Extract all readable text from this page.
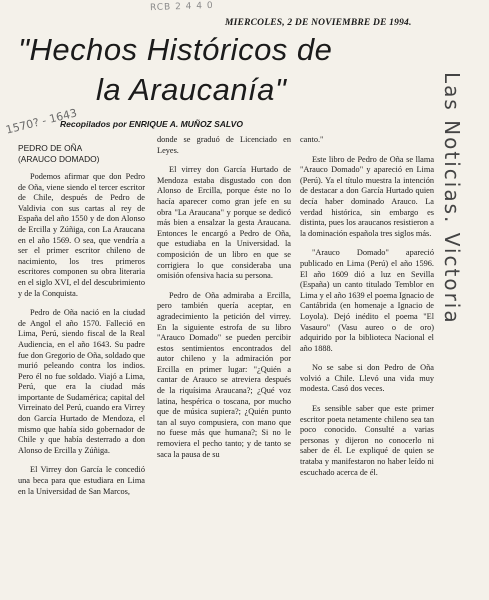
RCB 2 4 4 0
1570? - 1643	Las Noticias. Victoria
MIERCOLES, 2 DE NOVIEMBRE DE 1994.
"Hechos Históricos de
la Araucanía"
Recopilados por ENRIQUE A. MUÑOZ SALVO
PEDRO DE OÑA
(ARAUCO DOMADO)

Podemos afirmar que don Pedro de Oña, viene siendo el tercer escritor de Chile, después de Pedro de Valdivia con sus cartas al rey de España del año 1550 y de don Alonso de Ercilla y Zúñiga, con La Araucana en el año 1569. O sea, que vendría a ser el primer escritor chileno de nacimiento, los tres primeros escritores componen su obra literaria en el siglo XVI, el del descubrimiento y de la Conquista.

Pedro de Oña nació en la ciudad de Angol el año 1570. Falleció en Lima, Perú, siendo fiscal de la Real Audiencia, en el año 1643. Su padre fue don Gregorio de Oña, soldado que murió peleando contra los indios. Pero él no fue soldado. Viajó a Lima, Perú, que era la ciudad más importante de Sudamérica; capital del Virreinato del Perú, cuando era Virrey don García Hurtado de Mendoza, el mismo que había sido gobernador de Chile y que había desterrado a don Alonso de Ercilla y Zúñiga.

El Virrey don García le concedió una beca para que estudiara en Lima en la Universidad de San Marcos,

donde se graduó de Licenciado en Leyes.

El virrey don García Hurtado de Mendoza estaba disgustado con don Alonso de Ercilla, porque éste no lo hacía aparecer como gran jefe en su obra "La Araucana" y porque se dedicó más bien a ensalzar la gesta Araucana. Entonces le encargó a Pedro de Oña, que estudiaba en la Universidad. la composición de un libro en que se corrigiera lo que consideraba una omisión ofensiva hacia su persona.

Pedro de Oña admiraba a Ercilla, pero también quería aceptar, en agradecimiento la petición del virrey. En la siguiente estrofa de su libro "Arauco Domado" se pueden percibir estos sentimientos encontrados del autor chileno y la admiración por Ercilla en primer lugar: "¿Quién a cantar de Arauco se atreviera después de la riquísima Araucana?; ¿Qué voz latina, hespérica o toscana, por mucho que de música supiera?; ¿Quién punto tan al suyo compusiera, con mano que no fuese más que humana?; Si no le removiera el pecho tanto; y de tanto se saca la pausa de su

canto."

Este libro de Pedro de Oña se llama "Arauco Domado" y apareció en Lima (Perú). Ya el título muestra la intención de destacar a don García Hurtado quien decía haber dominado Arauco. La verdad histórica, sin embargo es distinta, pues los araucanos resistieron a la dominación española tres siglos más.

"Arauco Domado" apareció publicado en Lima (Perú) el año 1596. El año 1609 dió a luz en Sevilla (España) un canto titulado Temblor en Lima y el año 1639 el poema Ignacio de Cantábrida (en homenaje a Ignacio de Loyola). Dejó inédito el poema "El Vasauro" (Vasu aureo o de oro) adquirido por la biblioteca Nacional el año 1888.

No se sabe si don Pedro de Oña volvió a Chile. Llevó una vida muy modesta. Casó dos veces.

Es sensible saber que este primer escritor poeta netamente chileno sea tan poco conocido. Consulté a varias personas y dijeron no conocerlo ni saber de él. Le expliqué de quien se trataba y manifestaron no haber leído ni escuchado acerca de él.
